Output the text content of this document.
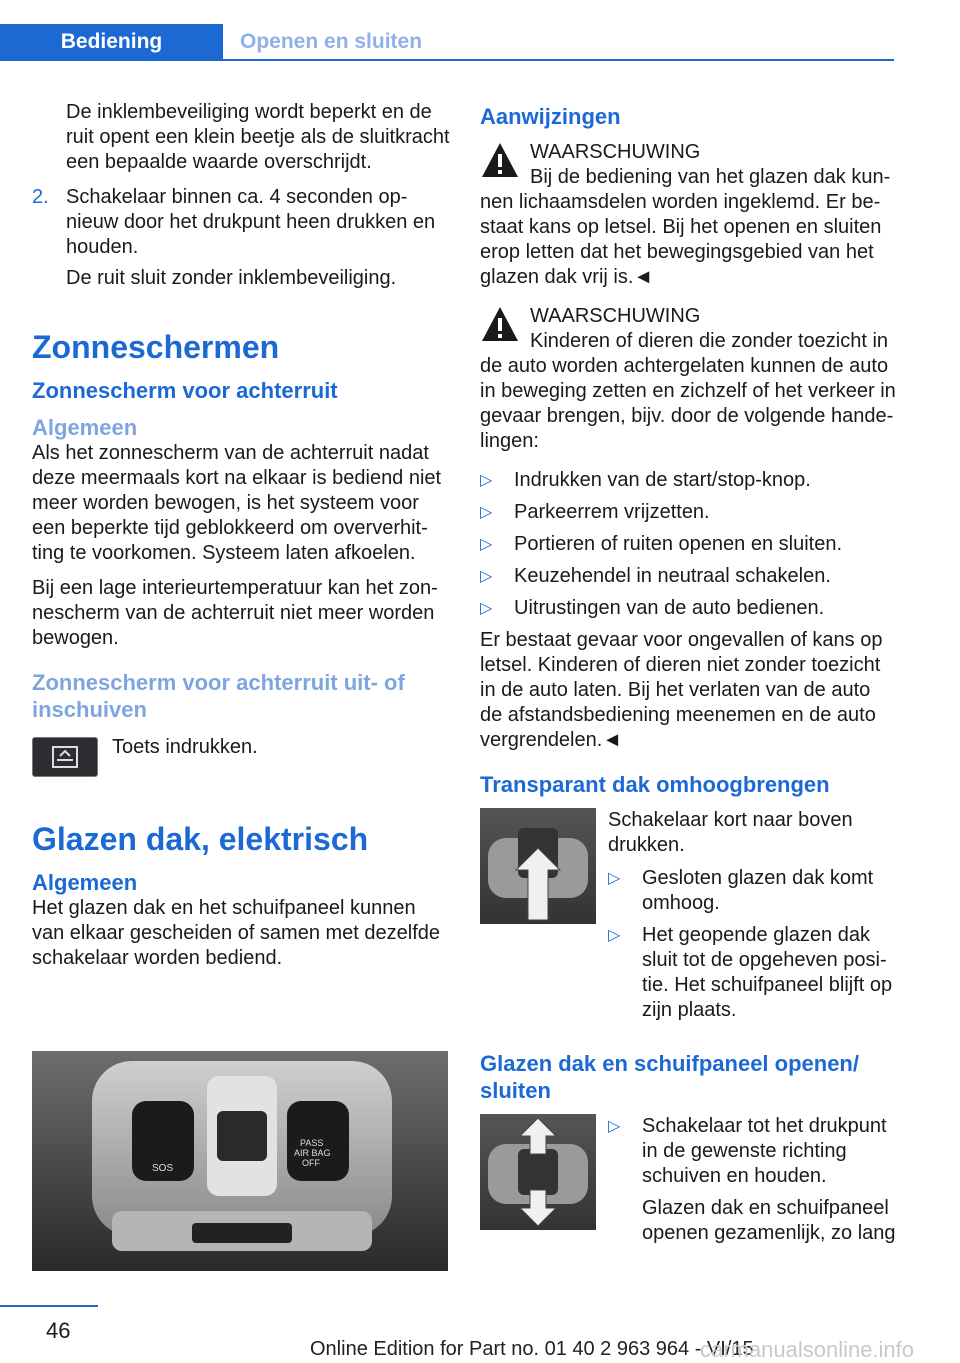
Bediening	Openen en sluiten

De inklembeveiliging wordt beperkt en de ruit opent een klein beetje als de sluitkracht een bepaalde waarde overschrijdt.

2. Schakelaar binnen ca. 4 seconden opnieuw door het drukpunt heen drukken en houden.

De ruit sluit zonder inklembeveiliging.

Zonneschermen
Zonnescherm voor achterruit
Algemeen

Als het zonnescherm van de achterruit nadat deze meermaals kort na elkaar is bediend niet meer worden bewogen, is het systeem voor een beperkte tijd geblokkeerd om oververhitting te voorkomen. Systeem laten afkoelen.

Bij een lage interieurtemperatuur kan het zonnescherm van de achterruit niet meer worden bewogen.

Zonnescherm voor achterruit uit- of inschuiven
Toets indrukken.
Glazen dak, elektrisch
Algemeen

Het glazen dak en het schuifpaneel kunnen van elkaar gescheiden of samen met dezelfde schakelaar worden bediend.

SOS
PASS
AIR BAG
OFF
Aanwijzingen
WAARSCHUWING
Bij de bediening van het glazen dak kunnen lichaamsdelen worden ingeklemd. Er bestaat kans op letsel. Bij het openen en sluiten erop letten dat het bewegingsgebied van het glazen dak vrij is.◄
WAARSCHUWING
Kinderen of dieren die zonder toezicht in de auto worden achtergelaten kunnen de auto in beweging zetten en zichzelf of het verkeer in gevaar brengen, bijv. door de volgende handelingen:
▷ Indrukken van de start/stop-knop.
▷ Parkeerrem vrijzetten.
▷ Portieren of ruiten openen en sluiten.
▷ Keuzehendel in neutraal schakelen.
▷ Uitrustingen van de auto bedienen.

Er bestaat gevaar voor ongevallen of kans op letsel. Kinderen of dieren niet zonder toezicht in de auto laten. Bij het verlaten van de auto de afstandsbediening meenemen en de auto vergrendelen.◄

Transparant dak omhoogbrengen

Schakelaar kort naar boven drukken.

▷ Gesloten glazen dak komt omhoog.
▷ Het geopende glazen dak sluit tot de opgeheven positie. Het schuifpaneel blijft op zijn plaats.
Glazen dak en schuifpaneel openen/ sluiten
▷ Schakelaar tot het drukpunt in de gewenste richting schuiven en houden.

Glazen dak en schuifpaneel openen gezamenlijk, zo lang

46
Online Edition for Part no. 01 40 2 963 964 - VI/15
carmanualsonline.info
